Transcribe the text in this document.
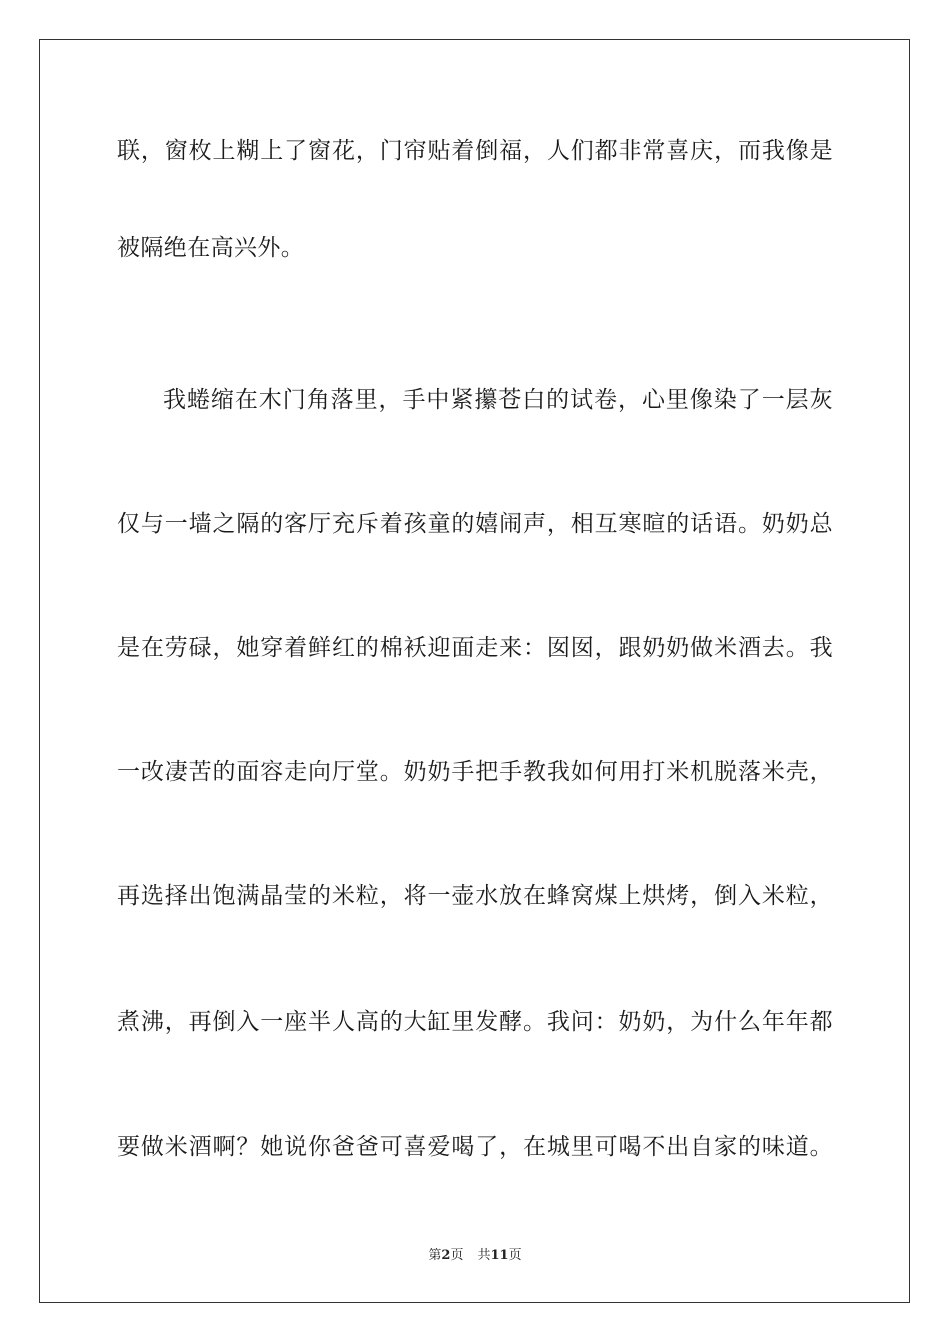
联，窗枚上糊上了窗花，门帘贴着倒福，人们都非常喜庆，而我像是
被隔绝在高兴外。
我蜷缩在木门角落里，手中紧攥苍白的试卷，心里像染了一层灰
仅与一墙之隔的客厅充斥着孩童的嬉闹声，相互寒暄的话语。奶奶总
是在劳碌，她穿着鲜红的棉袄迎面走来：囡囡，跟奶奶做米酒去。我
一改凄苦的面容走向厅堂。奶奶手把手教我如何用打米机脱落米壳，
再选择出饱满晶莹的米粒，将一壶水放在蜂窝煤上烘烤，倒入米粒，
煮沸，再倒入一座半人高的大缸里发酵。我问：奶奶，为什么年年都
要做米酒啊？她说你爸爸可喜爱喝了，在城里可喝不出自家的味道。
第2页 共11页
